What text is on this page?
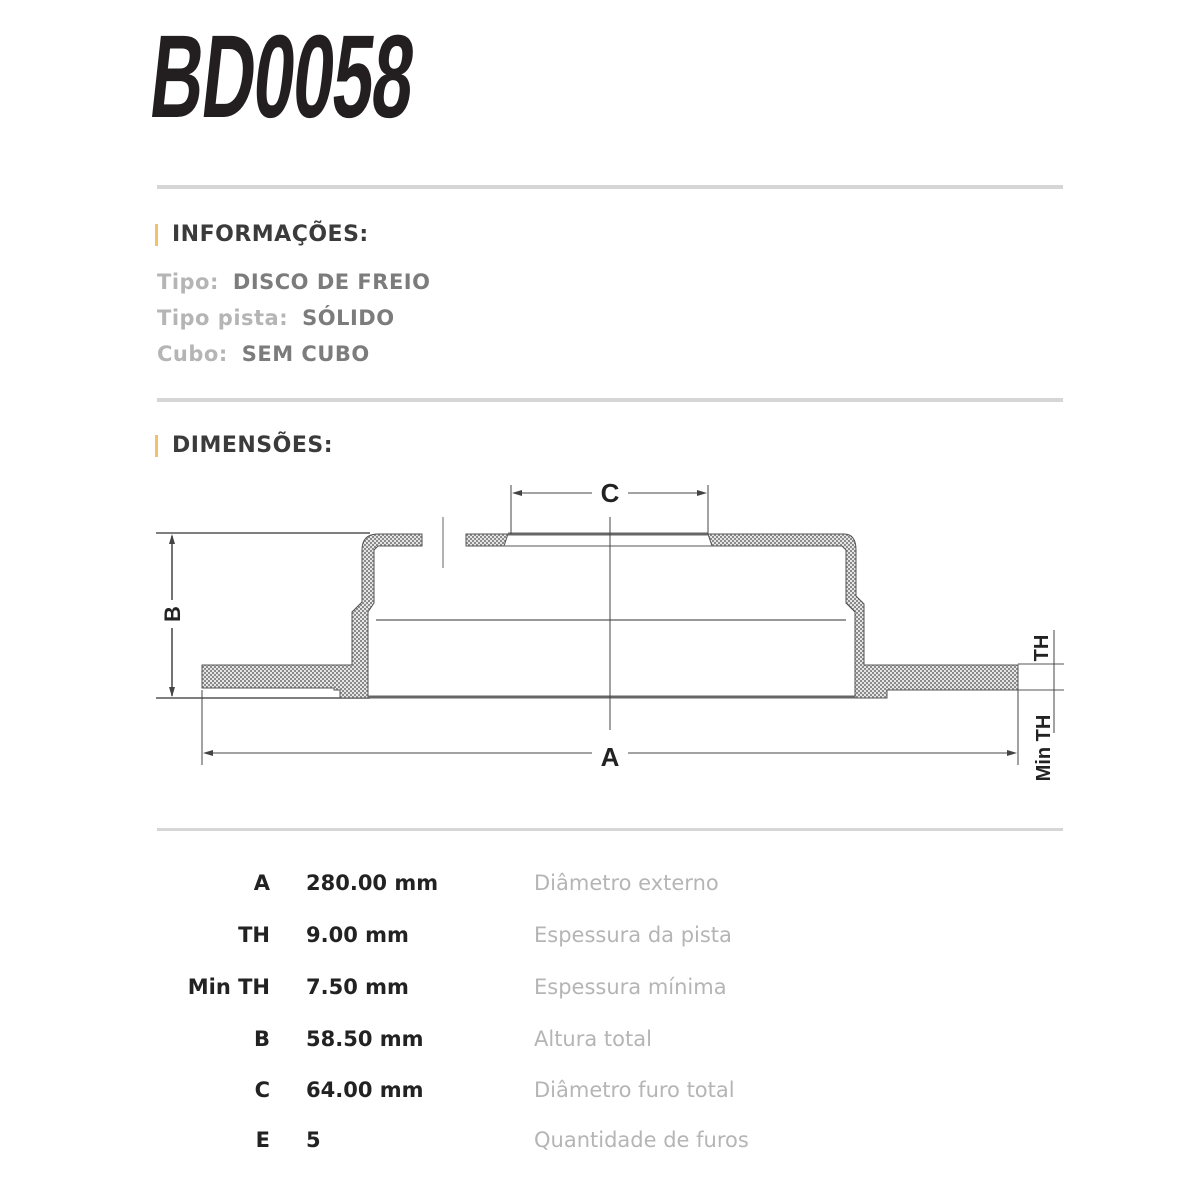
BD0058
INFORMAÇÕES:
Tipo: DISCO DE FREIO
Tipo pista: SÓLIDO
Cubo: SEM CUBO
DIMENSÕES:
B
C
A
TH
Min TH
A 280.00 mm	Diâmetro externo
TH 9.00 mm	Espessura da pista
Min TH 7.50 mm	Espessura mínima
B 58.50 mm	Altura total
C 64.00 mm	Diâmetro furo total
E 5	Quantidade de furos
